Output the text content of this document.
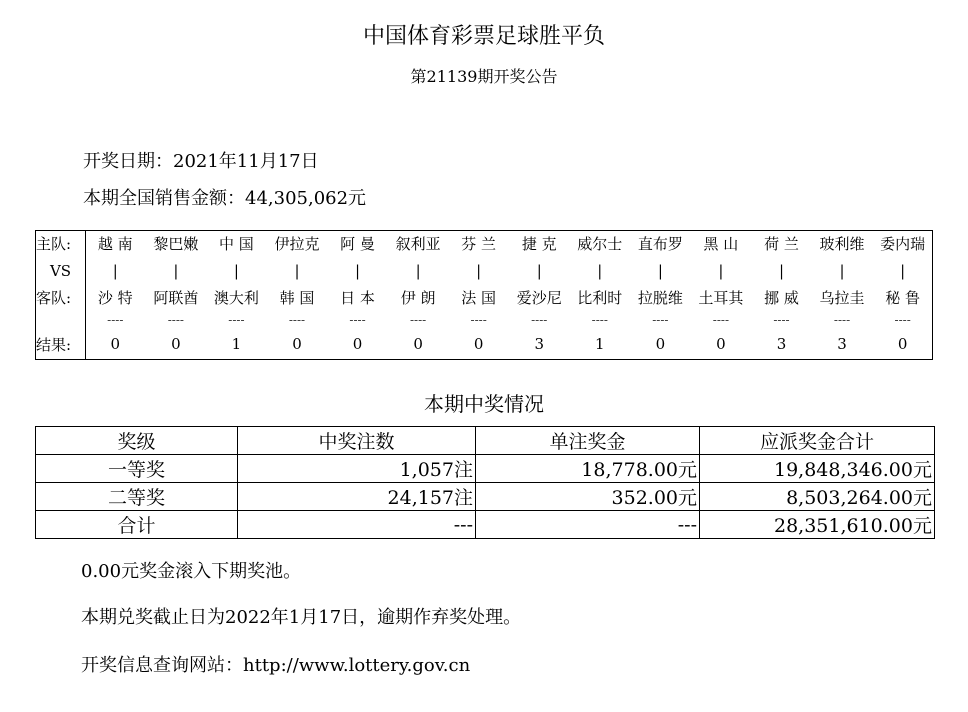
中国体育彩票足球胜平负
第21139期开奖公告
开奖日期：2021年11月17日
本期全国销售金额：44,305,062元
主队:	越 南	黎巴嫩	中 国	伊拉克	阿 曼	叙利亚	芬 兰	捷 克	威尔士	直布罗	黑 山	荷 兰	玻利维	委内瑞
VS	|	|	|	|	|	|	|	|	|	|	|	|	|	|
客队:	沙 特	阿联酋	澳大利	韩 国	日 本	伊 朗	法 国	爱沙尼	比利时	拉脱维	土耳其	挪 威	乌拉圭	秘 鲁
	----	----	----	----	----	----	----	----	----	----	----	----	----	----
结果:	0	0	1	0	0	0	0	3	1	0	0	3	3	0
本期中奖情况
奖级	中奖注数	单注奖金	应派奖金合计
一等奖	1,057注	18,778.00元	19,848,346.00元
二等奖	24,157注	352.00元	8,503,264.00元
合计	---	---	28,351,610.00元
0.00元奖金滚入下期奖池。
本期兑奖截止日为2022年1月17日，逾期作弃奖处理。
开奖信息查询网站：http://www.lottery.gov.cn
